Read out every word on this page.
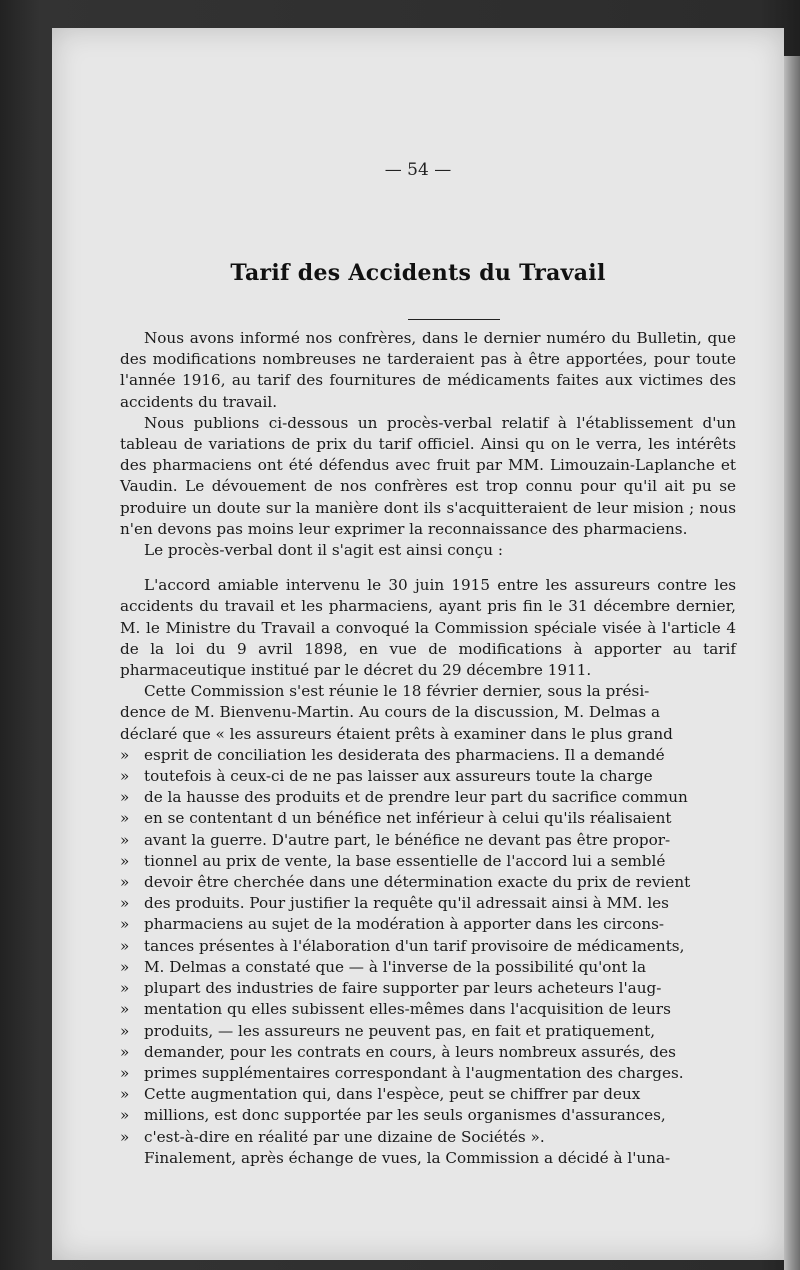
— 54 —
Tarif des Accidents du Travail

Nous avons informé nos confrères, dans le dernier numéro du Bulletin, que des modifications nombreuses ne tarderaient pas à être apportées, pour toute l'année 1916, au tarif des fournitures de médicaments faites aux victimes des accidents du travail.

Nous publions ci-dessous un procès-verbal relatif à l'établissement d'un tableau de variations de prix du tarif officiel. Ainsi qu on le verra, les intérêts des pharmaciens ont été défendus avec fruit par MM. Limouzain-Laplanche et Vaudin. Le dévouement de nos confrères est trop connu pour qu'il ait pu se produire un doute sur la manière dont ils s'acquitteraient de leur mision ; nous n'en devons pas moins leur exprimer la reconnaissance des pharmaciens.

Le procès-verbal dont il s'agit est ainsi conçu :

L'accord amiable intervenu le 30 juin 1915 entre les assureurs contre les accidents du travail et les pharmaciens, ayant pris fin le 31 décembre dernier, M. le Ministre du Travail a convoqué la Commission spéciale visée à l'article 4 de la loi du 9 avril 1898, en vue de modifications à apporter au tarif pharmaceutique institué par le décret du 29 décembre 1911.

Cette Commission s'est réunie le 18 février dernier, sous la prési-
dence de M. Bienvenu-Martin. Au cours de la discussion, M. Delmas a
déclaré que « les assureurs étaient prêts à examiner dans le plus grand
» esprit de conciliation les desiderata des pharmaciens. Il a demandé
» toutefois à ceux-ci de ne pas laisser aux assureurs toute la charge
» de la hausse des produits et de prendre leur part du sacrifice commun
» en se contentant d un bénéfice net inférieur à celui qu'ils réalisaient
» avant la guerre. D'autre part, le bénéfice ne devant pas être propor-
» tionnel au prix de vente, la base essentielle de l'accord lui a semblé
» devoir être cherchée dans une détermination exacte du prix de revient
» des produits. Pour justifier la requête qu'il adressait ainsi à MM. les
» pharmaciens au sujet de la modération à apporter dans les circons-
» tances présentes à l'élaboration d'un tarif provisoire de médicaments,
» M. Delmas a constaté que — à l'inverse de la possibilité qu'ont la
» plupart des industries de faire supporter par leurs acheteurs l'aug-
» mentation qu elles subissent elles-mêmes dans l'acquisition de leurs
» produits, — les assureurs ne peuvent pas, en fait et pratiquement,
» demander, pour les contrats en cours, à leurs nombreux assurés, des
» primes supplémentaires correspondant à l'augmentation des charges.
» Cette augmentation qui, dans l'espèce, peut se chiffrer par deux
» millions, est donc supportée par les seuls organismes d'assurances,
» c'est-à-dire en réalité par une dizaine de Sociétés ».

Finalement, après échange de vues, la Commission a décidé à l'una-
